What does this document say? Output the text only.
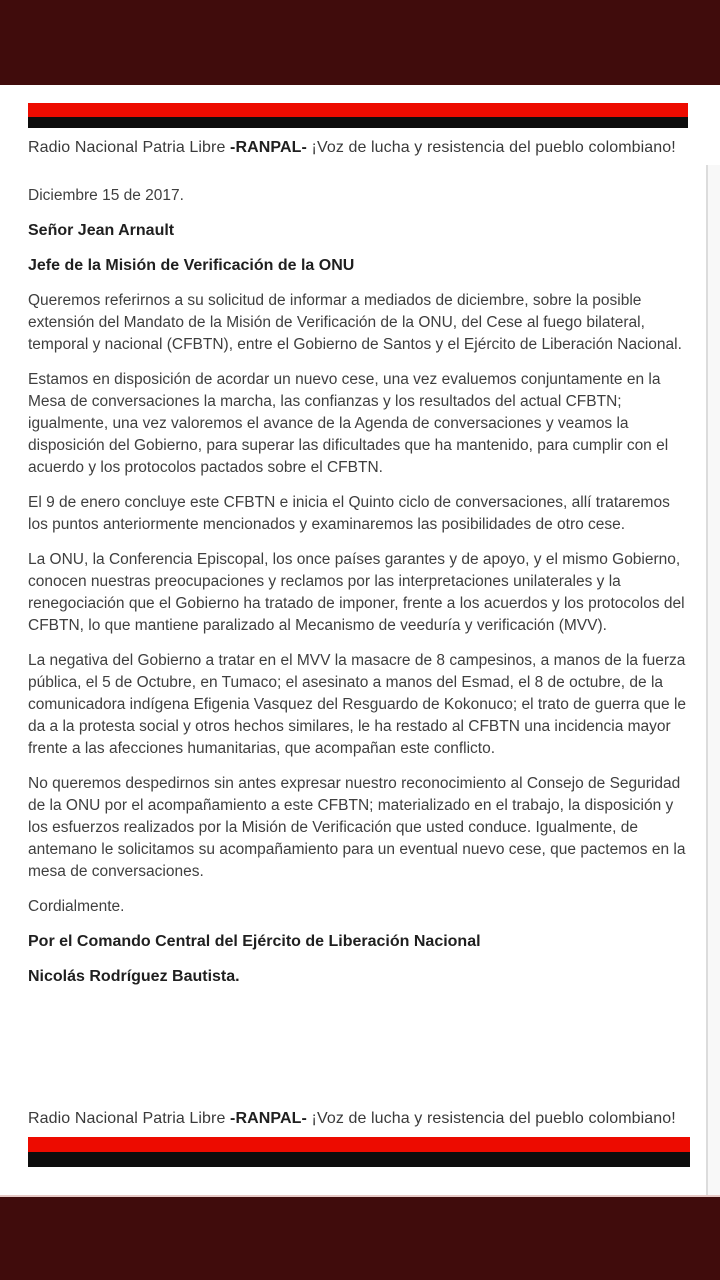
Radio Nacional Patria Libre -RANPAL- ¡Voz de lucha y resistencia del pueblo colombiano!
Diciembre 15 de 2017.
Señor Jean Arnault
Jefe de la Misión de Verificación de la ONU

Queremos referirnos a su solicitud de informar a mediados de diciembre, sobre la posible extensión del Mandato de la Misión de Verificación de la ONU, del Cese al fuego bilateral, temporal y nacional (CFBTN), entre el Gobierno de Santos y el Ejército de Liberación Nacional.

Estamos en disposición de acordar un nuevo cese, una vez evaluemos conjuntamente en la Mesa de conversaciones la marcha, las confianzas y los resultados del actual CFBTN; igualmente, una vez valoremos el avance de la Agenda de conversaciones y veamos la disposición del Gobierno, para superar las dificultades que ha mantenido, para cumplir con el acuerdo y los protocolos pactados sobre el CFBTN.

El 9 de enero concluye este CFBTN e inicia el Quinto ciclo de conversaciones, allí trataremos los puntos anteriormente mencionados y examinaremos las posibilidades de otro cese.

La ONU, la Conferencia Episcopal, los once países garantes y de apoyo, y el mismo Gobierno, conocen nuestras preocupaciones y reclamos por las interpretaciones unilaterales y la renegociación que el Gobierno ha tratado de imponer, frente a los acuerdos y los protocolos del CFBTN, lo que mantiene paralizado al Mecanismo de veeduría y verificación (MVV).

La negativa del Gobierno a tratar en el MVV la masacre de 8 campesinos, a manos de la fuerza pública, el 5 de Octubre, en Tumaco; el asesinato a manos del Esmad, el 8 de octubre, de la comunicadora indígena Efigenia Vasquez del Resguardo de Kokonuco; el trato de guerra que le da a la protesta social y otros hechos similares, le ha restado al CFBTN una incidencia mayor frente a las afecciones humanitarias, que acompañan este conflicto.

No queremos despedirnos sin antes expresar nuestro reconocimiento al Consejo de Seguridad de la ONU por el acompañamiento a este CFBTN; materializado en el trabajo, la disposición y los esfuerzos realizados por la Misión de Verificación que usted conduce. Igualmente, de antemano le solicitamos su acompañamiento para un eventual nuevo cese, que pactemos en la mesa de conversaciones.

Cordialmente.
Por el Comando Central del Ejército de Liberación Nacional
Nicolás Rodríguez Bautista.
Radio Nacional Patria Libre -RANPAL- ¡Voz de lucha y resistencia del pueblo colombiano!
